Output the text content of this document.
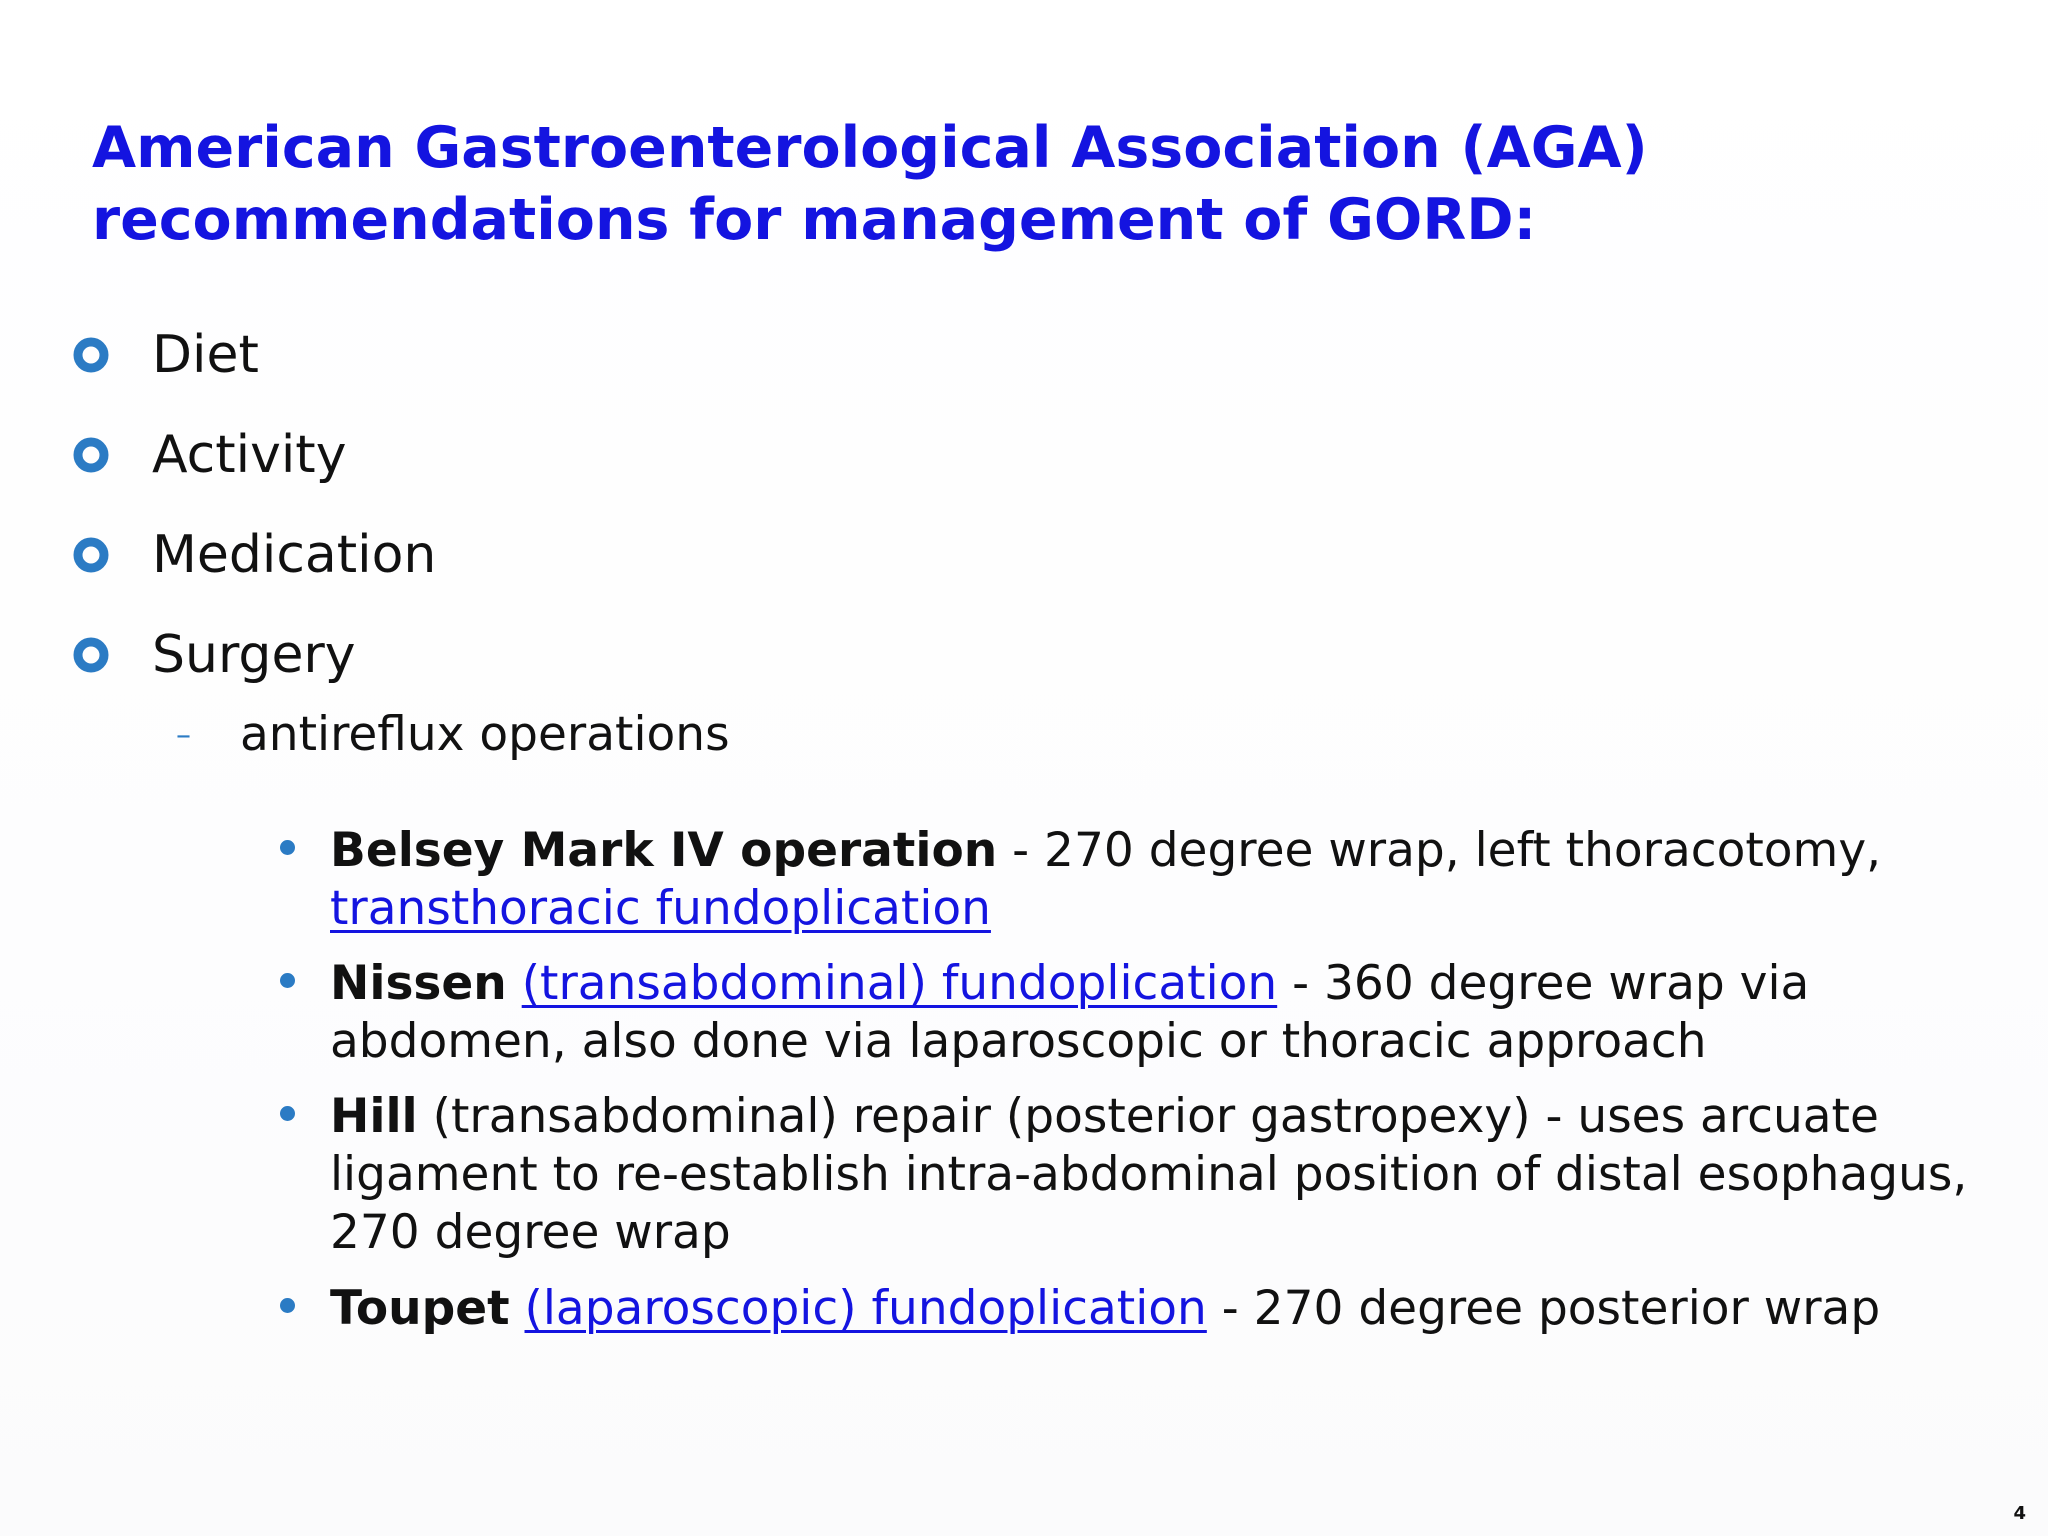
American Gastroenterological Association (AGA)
recommendations for management of GORD:
Diet
Activity
Medication
Surgery
–	antireflux operations
Belsey Mark IV operation - 270 degree wrap, left thoracotomy,
transthoracic fundoplication
Nissen (transabdominal) fundoplication - 360 degree wrap via abdomen, also done via laparoscopic or thoracic approach
Hill (transabdominal) repair (posterior gastropexy) - uses arcuate ligament to re-establish intra-abdominal position of distal esophagus, 270 degree wrap
Toupet (laparoscopic) fundoplication - 270 degree posterior wrap
4
